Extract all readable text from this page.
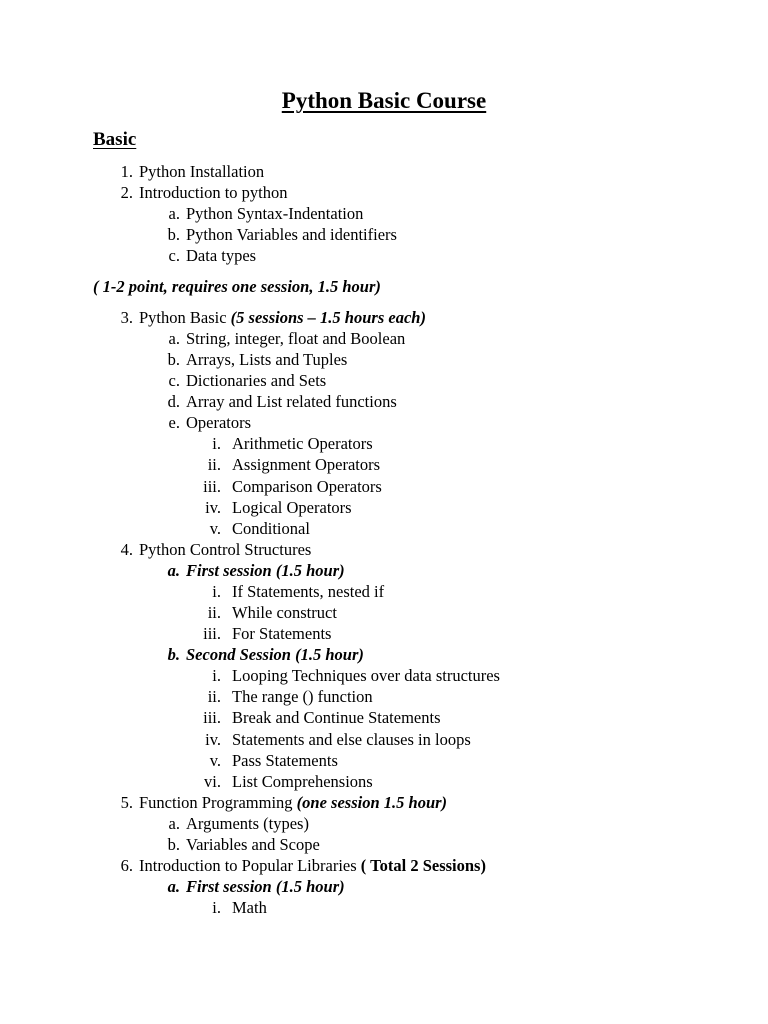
Python Basic Course
Basic
( 1-2 point, requires one session, 1.5 hour)
1. Python Installation
2. Introduction to python
a. Python Syntax-Indentation
b. Python Variables and identifiers
c. Data types
3. Python Basic (5 sessions – 1.5 hours each)
a. String, integer, float and Boolean
b. Arrays, Lists and Tuples
c. Dictionaries and Sets
d. Array and List related functions
e. Operators
i. Arithmetic Operators
ii. Assignment Operators
iii. Comparison Operators
iv. Logical Operators
v. Conditional
4. Python Control Structures
a. First session (1.5 hour)
i. If Statements, nested if
ii. While construct
iii. For Statements
b. Second Session (1.5 hour)
i. Looping Techniques over data structures
ii. The range () function
iii. Break and Continue Statements
iv. Statements and else clauses in loops
v. Pass Statements
vi. List Comprehensions
5. Function Programming (one session 1.5 hour)
a. Arguments (types)
b. Variables and Scope
6. Introduction to Popular Libraries ( Total 2 Sessions)
a. First session (1.5 hour)
i. Math
